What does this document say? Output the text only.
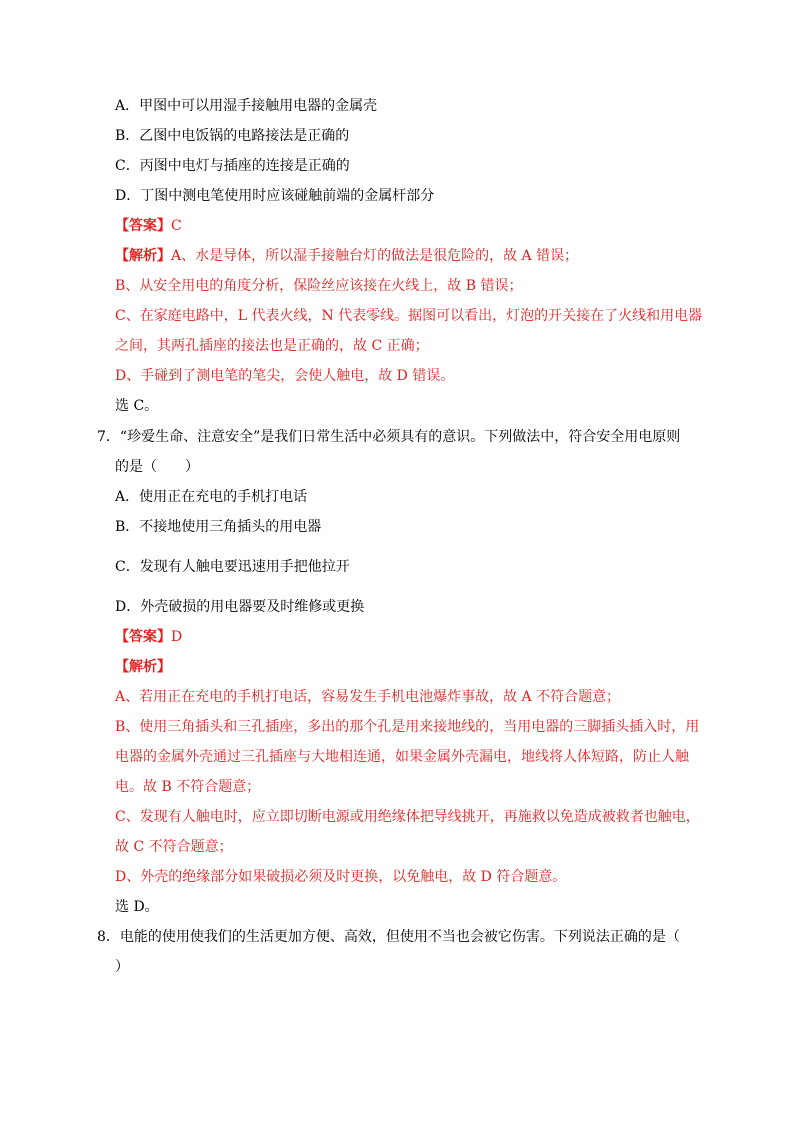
A．甲图中可以用湿手接触用电器的金属壳
B．乙图中电饭锅的电路接法是正确的
C．丙图中电灯与插座的连接是正确的
D．丁图中测电笔使用时应该碰触前端的金属杆部分
【答案】C
【解析】A、水是导体，所以湿手接触台灯的做法是很危险的，故 A 错误；
B、从安全用电的角度分析，保险丝应该接在火线上，故 B 错误；
C、在家庭电路中，L 代表火线，N 代表零线。据图可以看出，灯泡的开关接在了火线和用电器
之间，其两孔插座的接法也是正确的，故 C 正确；
D、手碰到了测电笔的笔尖，会使人触电，故 D 错误。
选 C。
7．“珍爱生命、注意安全”是我们日常生活中必须具有的意识。下列做法中，符合安全用电原则
的是（　　）
A．使用正在充电的手机打电话
B．不接地使用三角插头的用电器
C．发现有人触电要迅速用手把他拉开
D．外壳破损的用电器要及时维修或更换
【答案】D
【解析】
A、若用正在充电的手机打电话，容易发生手机电池爆炸事故，故 A 不符合题意；
B、使用三角插头和三孔插座，多出的那个孔是用来接地线的，当用电器的三脚插头插入时，用
电器的金属外壳通过三孔插座与大地相连通，如果金属外壳漏电，地线将人体短路，防止人触
电。故 B 不符合题意；
C、发现有人触电时，应立即切断电源或用绝缘体把导线挑开，再施救以免造成被救者也触电，
故 C 不符合题意；
D、外壳的绝缘部分如果破损必须及时更换，以免触电，故 D 符合题意。
选 D。
8．电能的使用使我们的生活更加方便、高效，但使用不当也会被它伤害。下列说法正确的是（
）
